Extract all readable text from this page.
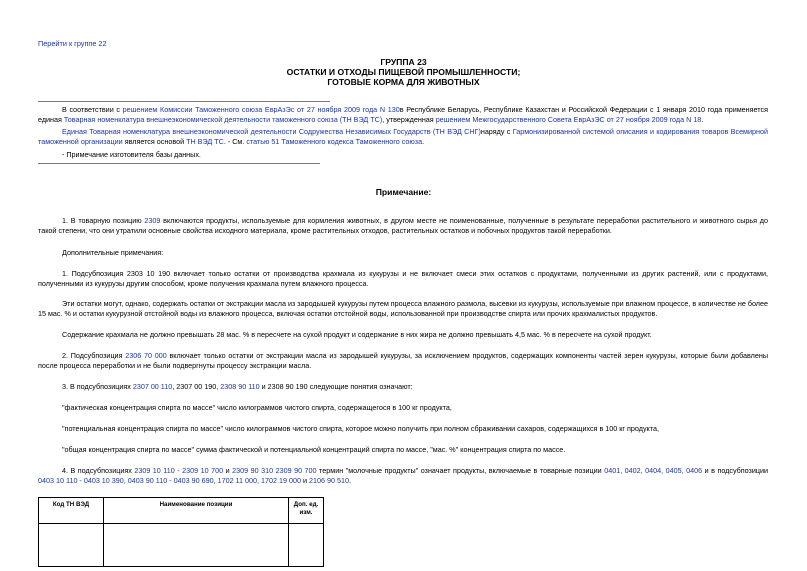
Перейти к группе 22
ГРУППА 23
ОСТАТКИ И ОТХОДЫ ПИЩЕВОЙ ПРОМЫШЛЕННОСТИ;
ГОТОВЫЕ КОРМА ДЛЯ ЖИВОТНЫХ
В соответствии с решением Комиссии Таможенного союза ЕврАзЭс от 27 ноября 2009 года N 130в Республике Беларусь, Республике Казахстан и Российской Федерации с 1 января 2010 года применяется единая Товарная номенклатура внешнеэкономической деятельности таможенного союза (ТН ВЭД ТС), утвержденная решением Межгосударственного Совета ЕврАзЭС от 27 ноября 2009 года N 18.
Единая Товарная номенклатура внешнеэкономической деятельности Содружества Независимых Государств (ТН ВЭД СНГ)наряду с Гармонизированной системой описания и кодирования товаров Всемирной таможенной организации является основой ТН ВЭД ТС. - См. статью 51 Таможенного кодекса Таможенного союза.
- Примечание изготовителя базы данных.
Примечание:
1. В товарную позицию 2309 включаются продукты, используемые для кормления животных, в другом месте не поименованные, полученные в результате переработки растительного и животного сырья до такой степени, что они утратили основные свойства исходного материала, кроме растительных отходов, растительных остатков и побочных продуктов такой переработки.
Дополнительные примечания:
1. Подсубпозиция 2303 10 190 включает только остатки от производства крахмала из кукурузы и не включает смеси этих остатков с продуктами, полученными из других растений, или с продуктами, полученными из кукурузы другим способом, кроме получения крахмала путем влажного процесса.
Эти остатки могут, однако, содержать остатки от экстракции масла из зародышей кукурузы путем процесса влажного размола, высевки из кукурузы, используемые при влажном процессе, в количестве не более 15 мас. % и остатки кукурузной отстойной воды из влажного процесса, включая остатки отстойной воды, использованной при производстве спирта или прочих крахмалистых продуктов.
Содержание крахмала не должно превышать 28 мас. % в пересчете на сухой продукт и содержание в них жира не должно превышать 4,5 мас. % в пересчете на сухой продукт.
2. Подсубпозиция 2306 70 000 включает только остатки от экстракции масла из зародышей кукурузы, за исключением продуктов, содержащих компоненты частей зерен кукурузы, которые были добавлены после процесса переработки и не были подвергнуты процессу экстракции масла.
3. В подсубпозициях 2307 00 110, 2307 00 190, 2308 90 110 и 2308 90 190 следующие понятия означают:
"фактическая концентрация спирта по массе" число килограммов чистого спирта, содержащегося в 100 кг продукта,
"потенциальная концентрация спирта по массе" число килограммов чистого спирта, которое можно получить при полном сбраживании сахаров, содержащихся в 100 кг продукта,
"общая концентрация спирта по массе" сумма фактической и потенциальной концентраций спирта по массе, "мас. %" концентрация спирта по массе.
4. В подсубпозициях 2309 10 110 - 2309 10 700 и 2309 90 310 2309 90 700 термин "молочные продукты" означает продукты, включаемые в товарные позиции 0401, 0402, 0404, 0405, 0406 и в подсубпозиции 0403 10 110 - 0403 10 390, 0403 90 110 - 0403 90 690, 1702 11 000, 1702 19 000 и 2106 90 510.
Код ТН ВЭД	Наименование позиции	Доп. ед. изм.
